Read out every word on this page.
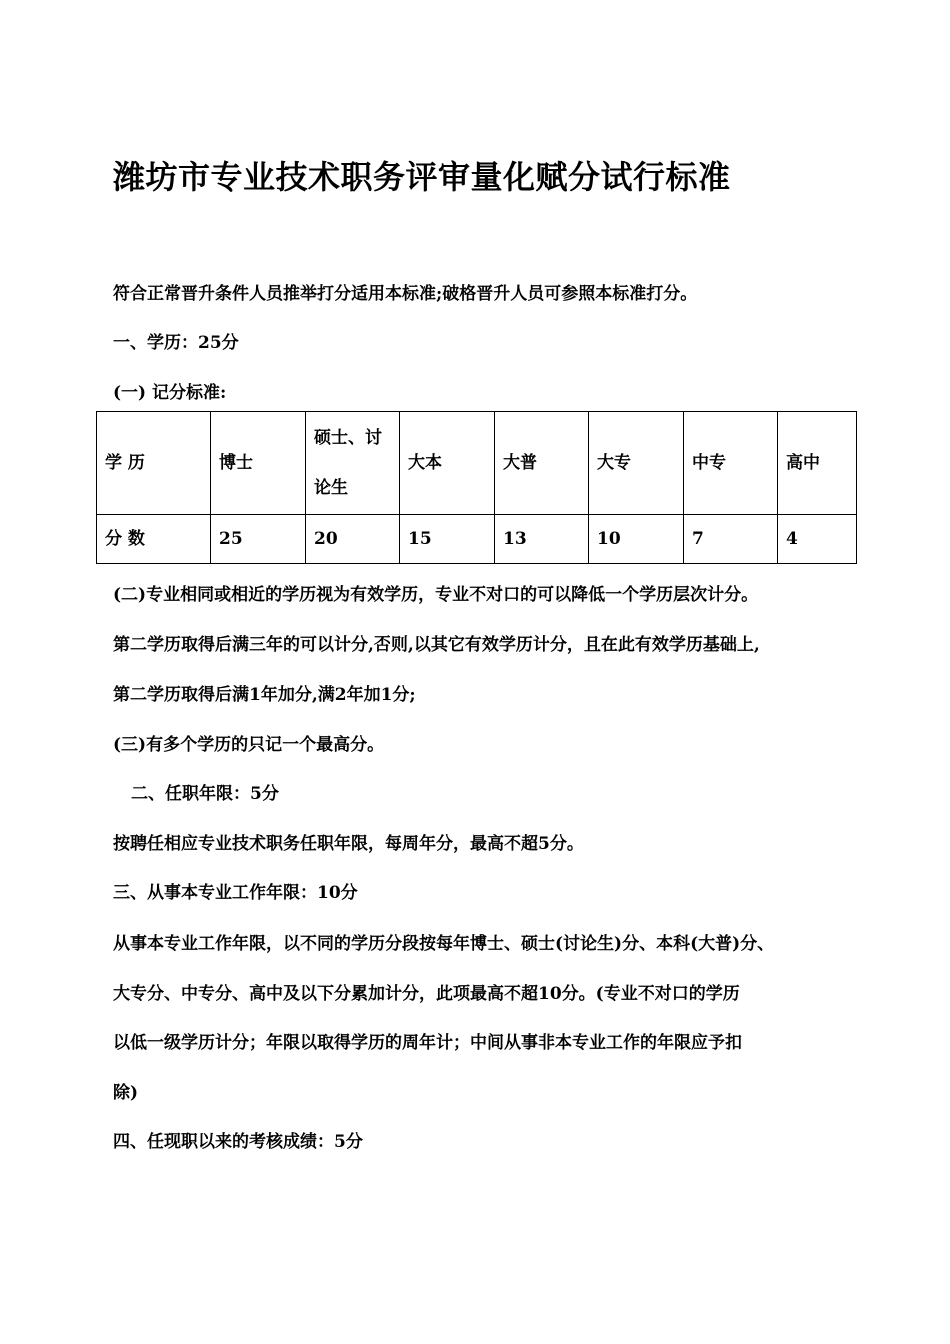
潍坊市专业技术职务评审量化赋分试行标准
符合正常晋升条件人员推举打分适用本标准;破格晋升人员可参照本标准打分。
一、学历：25分
(一) 记分标准:
学 历	博士	硕士、讨论生	大本	大普	大专	中专	高中
分 数	25	20	15	13	10	7	4
(二)专业相同或相近的学历视为有效学历，专业不对口的可以降低一个学历层次计分。
第二学历取得后满三年的可以计分,否则,以其它有效学历计分，且在此有效学历基础上,
第二学历取得后满1年加分,满2年加1分;
(三)有多个学历的只记一个最高分。
二、任职年限：5分
按聘任相应专业技术职务任职年限，每周年分，最高不超5分。
三、从事本专业工作年限：10分
从事本专业工作年限，以不同的学历分段按每年博士、硕士(讨论生)分、本科(大普)分、
大专分、中专分、高中及以下分累加计分，此项最高不超10分。(专业不对口的学历
以低一级学历计分；年限以取得学历的周年计；中间从事非本专业工作的年限应予扣
除)
四、任现职以来的考核成绩：5分
